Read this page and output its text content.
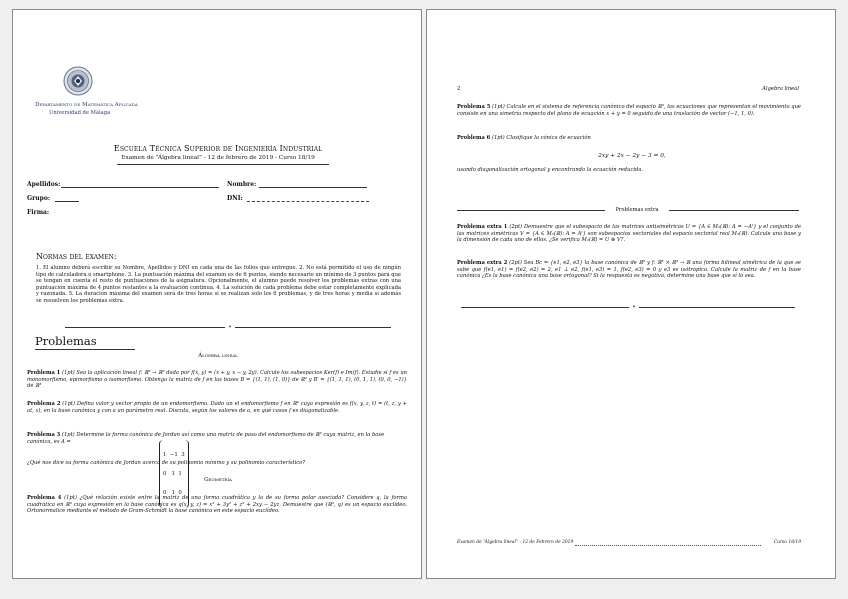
Departamento de Matemática Aplicada
Universidad de Málaga
Escuela Técnica Superior de Ingeniería Industrial
Examen de “Álgebra lineal” - 12 de febrero de 2019 - Curso 18/19
Apellidos:	Nombre:
Grupo:	DNI:
Firma:
Normas del examen:
1. El alumno deberá escribir su Nombre, Apellidos y DNI en cada una de las folios que entregue. 2. No está permitido el uso de ningún tipo de calculadora o smartphone. 3. La puntuación máxima del examen es de 6 puntos, siendo necesario un mínimo de 3 puntos para que se tengan en cuenta el resto de puntuaciones de la asignatura. Opcionalmente, el alumno puede resolver los problemas extras con una puntuación máxima de 4 puntos restantes a la evaluación continua. 4. La solución de cada problema debe estar completamente explicada y razonada. 5. La duración máxima del examen será de tres horas si se realizan solo los 6 problemas, y de tres horas y media si además se resuelven los problemas extra.
⋄
Problemas
Álgebra lineal
Problema 1 (1pt) Sea la aplicación lineal f: ℝ² → ℝ³ dada por f(x, y) = (x + y, x − y, 2y). Calcule los subespacios Ker(f) e Im(f). Estudie si f es un monomorfismo, epimorfismo o isomorfismo. Obtenga la matriz de f en las bases B = {(1, 1), (1, 0)} de ℝ² y B′ = {(1, 1, 1), (0, 1, 1), (0, 0, −1)} de ℝ³
Problema 2 (1pt) Defina valor y vector propio de un endomorfismo. Dado un el endomorfismo f en ℝ⁴ cuya expresión es f(x, y, z, t) = (t, z, y + at, x), en la base canónica y con a un parámetro real. Discuta, según los valores de a, en qué casos f es diagonalizable.
Problema 3 (1pt) Determine la forma canónica de Jordan así como una matriz de paso del endomorfismo de ℝ³ cuya matriz, en la base canónica, es A =

1  −1  3

0   1  1

0   1  0

¿Qué nos dice su forma canónica de Jordan acerca de su polinomio mínimo y su polinomio característico?
Geometría
Problema 4 (1pt) ¿Qué relación existe entre la matriz de una forma cuadrática y la de su forma polar asociada? Considere q, la forma cuadrática en ℝ³ cuya expresión en la base canónica es q(x, y, z) = x² + 3y² + z² + 2xy − 2yz. Demuestre que (ℝ³, q) es un espacio euclídeo. Ortonormalice mediante el método de Gram-Schmidt la base canónica en este espacio euclídeo.
2	Álgebra lineal
Problema 5 (1pt) Calcule en el sistema de referencia canónico del espacio ℝ³, las ecuaciones que representan el movimiento que consiste en una simetría respecto del plano de ecuación x + y = 0 seguido de una traslación de vector (−1, 1, 0).
Problema 6 (1pt) Clasifique la cónica de ecuación
2xy + 2x − 2y − 3 = 0,
usando diagonalización ortogonal y encontrando la ecuación reducida.
Problemas extra
Problema extra 1 (2pt) Demuestre que el subespacio de las matrices antisimétricas U = {A ∈ M₃(ℝ): A = −Aᵗ} y el conjunto de las matrices simétricas V = {A ∈ M₃(ℝ): A = Aᵗ} son subespacios vectoriales del espacio vectorial real M₃(ℝ). Calcule una base y la dimensión de cada uno de ellos. ¿Se verifica M₃(ℝ) = U ⊕ V?.
Problema extra 2 (2pt) Sea Bc = {e1, e2, e3} la base canónica de ℝ³ y f: ℝ³ × ℝ³ → ℝ una forma bilineal simétrica de la que se sabe que f(e1, e1) = f(e2, e2) = 2, e1 ⊥ e2, f(e1, e3) = 1, f(e2, e3) = 0 y e3 es isótropico. Calcule la matriz de f en la base canónica ¿Es la base canónica una base ortogonal? Si la respuesta es negativa, determine una base que sí lo sea.
⋄
Examen de “Álgebra lineal” - 12 de Febrero de 2019	Curso 18/19
